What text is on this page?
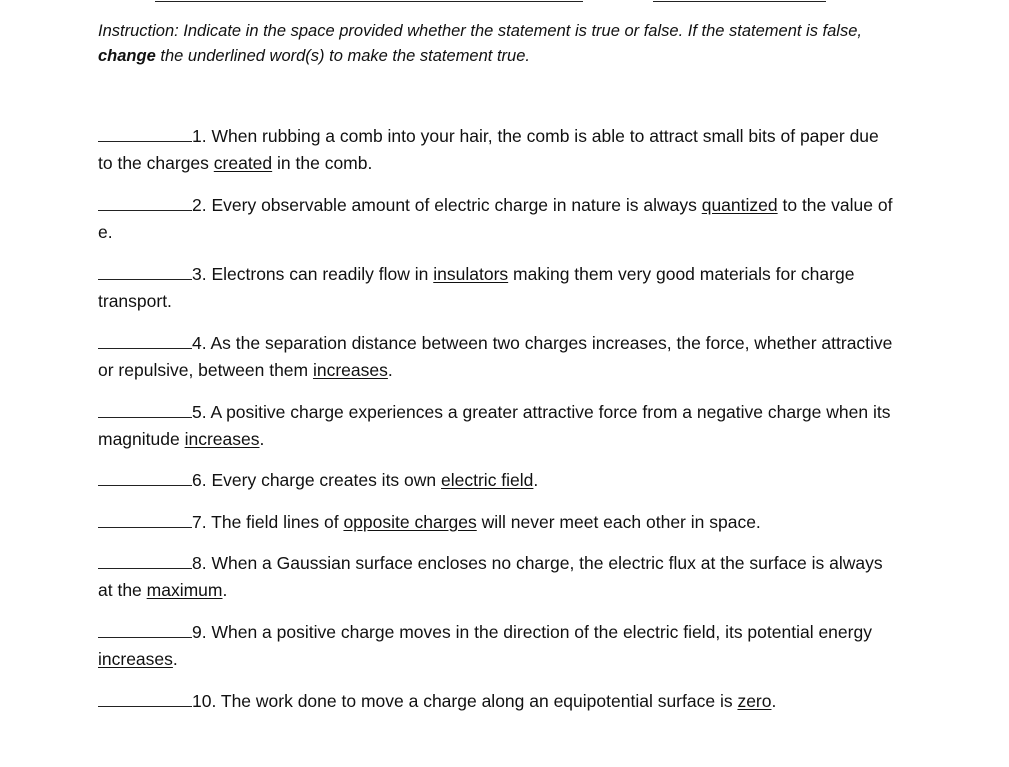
Instruction: Indicate in the space provided whether the statement is true or false. If the statement is false, change the underlined word(s) to make the statement true.
1. When rubbing a comb into your hair, the comb is able to attract small bits of paper due to the charges created in the comb.
2. Every observable amount of electric charge in nature is always quantized to the value of e.
3. Electrons can readily flow in insulators making them very good materials for charge transport.
4. As the separation distance between two charges increases, the force, whether attractive or repulsive, between them increases.
5. A positive charge experiences a greater attractive force from a negative charge when its magnitude increases.
6. Every charge creates its own electric field.
7. The field lines of opposite charges will never meet each other in space.
8. When a Gaussian surface encloses no charge, the electric flux at the surface is always at the maximum.
9. When a positive charge moves in the direction of the electric field, its potential energy increases.
10. The work done to move a charge along an equipotential surface is zero.
